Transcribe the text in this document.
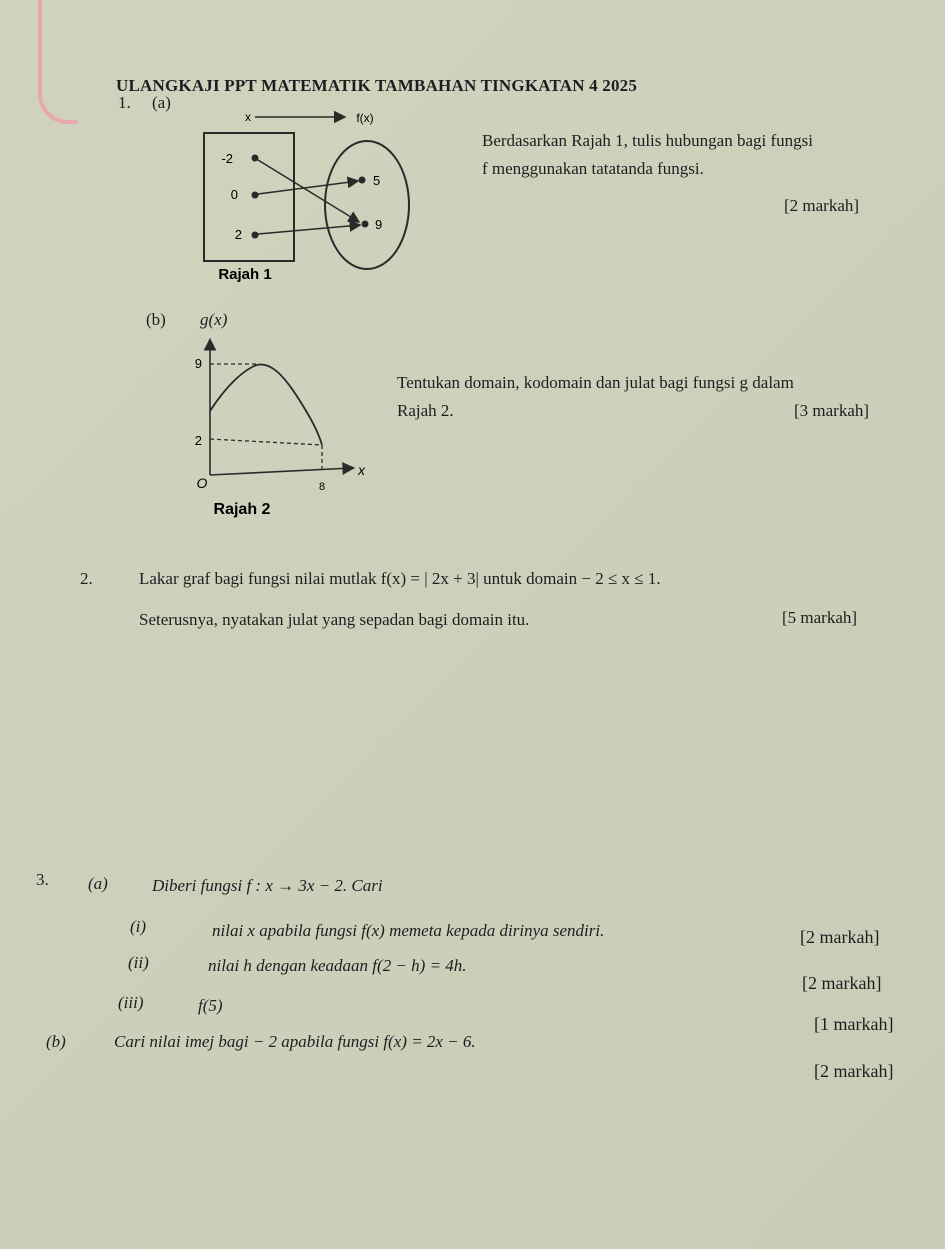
ULANGKAJI PPT MATEMATIK TAMBAHAN TINGKATAN 4 2025
1. (a)
x	f(x)
-2
0
2
5
9
Rajah 1
Berdasarkan Rajah 1, tulis hubungan bagi fungsi
f menggunakan tatatanda fungsi.
[2 markah]
(b) g(x)
9
2
O	8
x
Rajah 2
Tentukan domain, kodomain dan julat bagi fungsi g dalam
Rajah 2.	[3 markah]
2.	Lakar graf bagi fungsi nilai mutlak f(x) = | 2x + 3| untuk domain − 2 ≤ x ≤ 1.
Seterusnya, nyatakan julat yang sepadan bagi domain itu.	[5 markah]
3. (a)	Diberi fungsi f : x → 3x − 2. Cari
(i)	nilai x apabila fungsi f(x) memeta kepada dirinya sendiri.	[2 markah]
(ii)	nilai h dengan keadaan f(2 − h) = 4h.
[2 markah]
(iii)	f(5)
[1 markah]
(b)	Cari nilai imej bagi − 2 apabila fungsi f(x) = 2x − 6.
[2 markah]
